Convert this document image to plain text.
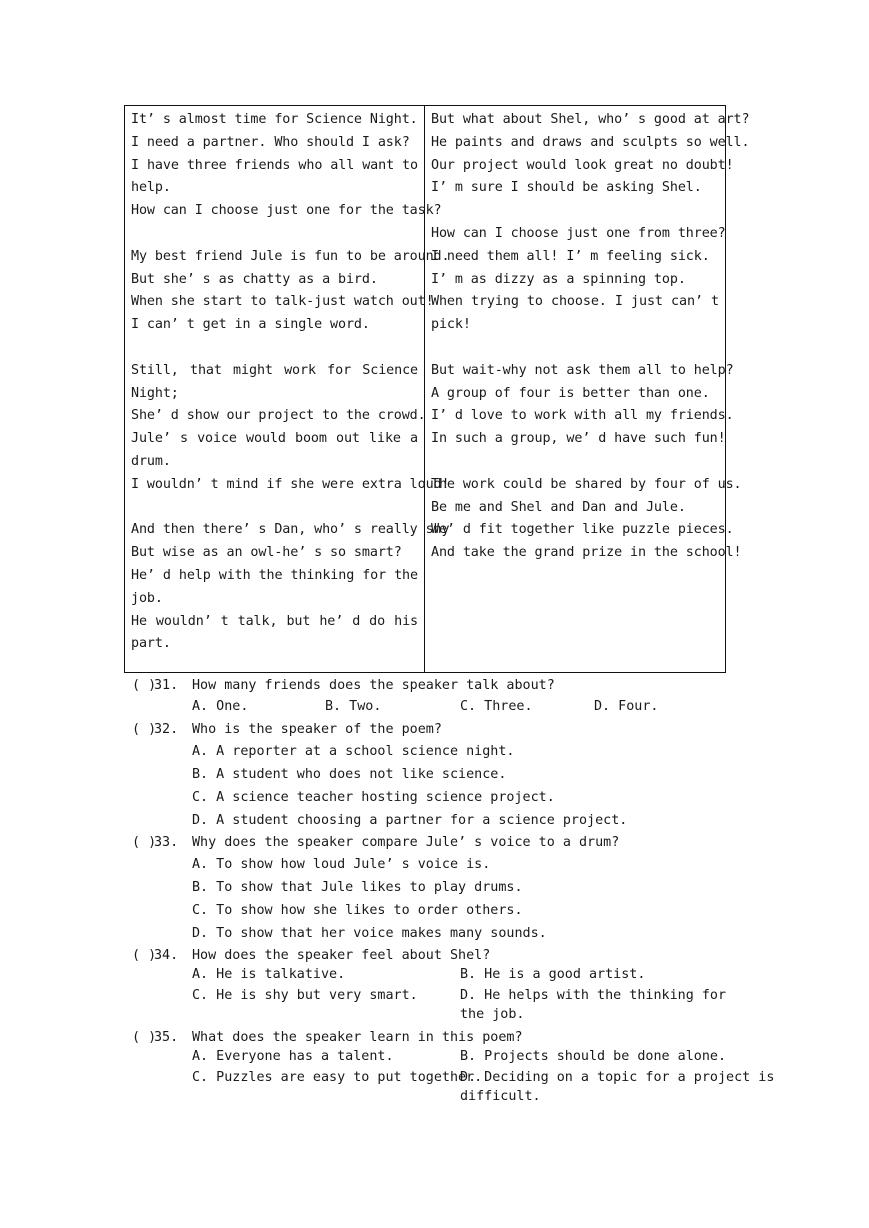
It’ s almost time for Science Night.
I need a partner. Who should I ask?
I have three friends who all want to
help.
How can I choose just one for the task?
My best friend Jule is fun to be around.
But she’ s as chatty as a bird.
When she start to talk-just watch out!
I can’ t get in a single word.
Still, that might work for Science
Night;
She’ d show our project to the crowd.
Jule’ s voice would boom out like a
drum.
I wouldn’ t mind if she were extra loud!
And then there’ s Dan, who’ s really shy
But wise as an owl-he’ s so smart?
He’ d help with the thinking for the
job.
He wouldn’ t talk, but he’ d do his
part.
But what about Shel, who’ s good at art?
He paints and draws and sculpts so well.
Our project would look great no doubt!
I’ m sure I should be asking Shel.
How can I choose just one from three?
I need them all! I’ m feeling sick.
I’ m as dizzy as a spinning top.
When trying to choose. I just can’ t
pick!
But wait-why not ask them all to help?
A group of four is better than one.
I’ d love to work with all my friends.
In such a group, we’ d have such fun!
The work could be shared by four of us.
Be me and Shel and Dan and Jule.
We’ d fit together like puzzle pieces.
And take the grand prize in the school!
( )
31. How many friends does the speaker talk about?
A. One.	B. Two.	C. Three.	D. Four.
( )
32. Who is the speaker of the poem?
A. A reporter at a school science night.
B. A student who does not like science.
C. A science teacher hosting science project.
D. A student choosing a partner for a science project.
( )
33. Why does the speaker compare Jule’ s voice to a drum?
A. To show how loud Jule’ s voice is.
B. To show that Jule likes to play drums.
C. To show how she likes to order others.
D. To show that her voice makes many sounds.
( )
34. How does the speaker feel about Shel?
A. He is talkative.	B. He is a good artist.
C. He is shy but very smart.	D. He helps with the thinking for
the job.
( )
35. What does the speaker learn in this poem?
A. Everyone has a talent.	B. Projects should be done alone.
C. Puzzles are easy to put together.
D. Deciding on a topic for a project is
difficult.
